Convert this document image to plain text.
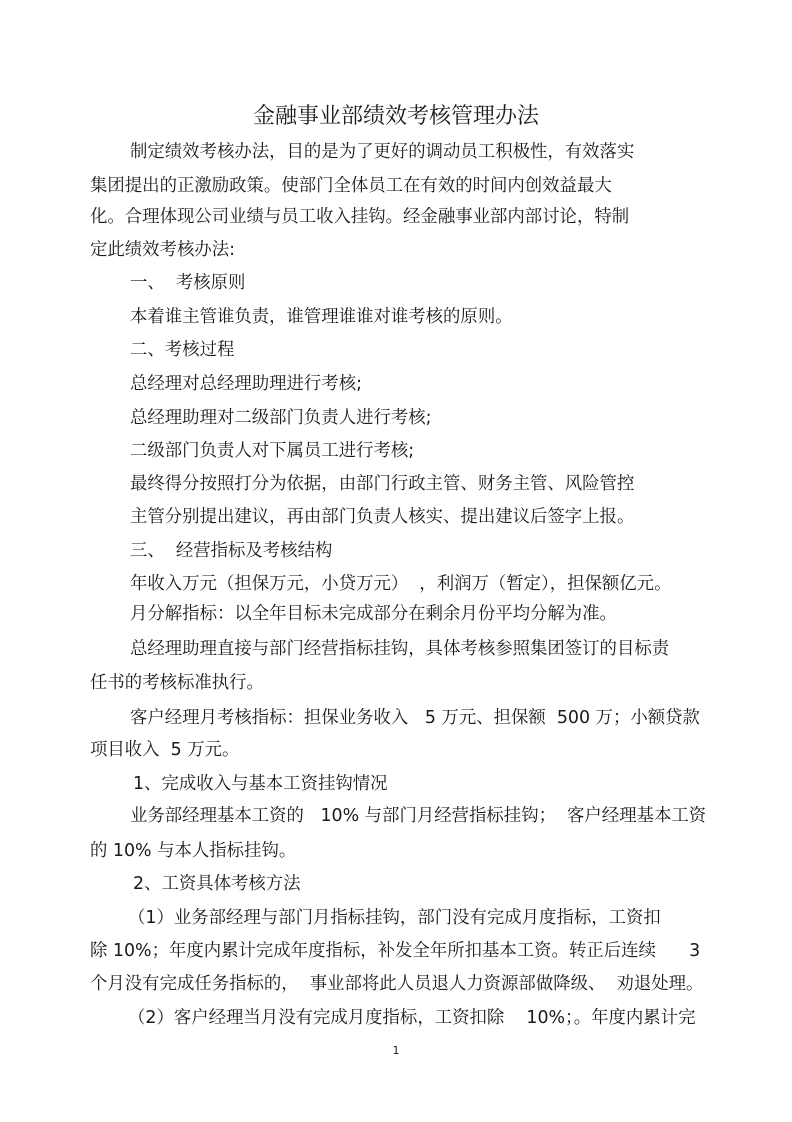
金融事业部绩效考核管理办法
制定绩效考核办法，目的是为了更好的调动员工积极性，有效落实
集团提出的正激励政策。使部门全体员工在有效的时间内创效益最大
化。合理体现公司业绩与员工收入挂钩。经金融事业部内部讨论，特制
定此绩效考核办法:
一、  考核原则
本着谁主管谁负责，谁管理谁谁对谁考核的原则。
二、考核过程
总经理对总经理助理进行考核;
总经理助理对二级部门负责人进行考核;
二级部门负责人对下属员工进行考核;
最终得分按照打分为依据，由部门行政主管、财务主管、风险管控
主管分别提出建议，再由部门负责人核实、提出建议后签字上报。
三、  经营指标及考核结构
年收入万元（担保万元，小贷万元）  ，利润万（暂定），担保额亿元。
月分解指标：以全年目标未完成部分在剩余月份平均分解为准。
总经理助理直接与部门经营指标挂钩，具体考核参照集团签订的目标责
任书的考核标准执行。
客户经理月考核指标：担保业务收入   5 万元、担保额  500 万；小额贷款
项目收入  5 万元。
1、完成收入与基本工资挂钩情况
业务部经理基本工资的   10% 与部门月经营指标挂钩；  客户经理基本工资
的 10% 与本人指标挂钩。
2、工资具体考核方法
（1）业务部经理与部门月指标挂钩，部门没有完成月度指标，工资扣
除 10%；年度内累计完成年度指标，补发全年所扣基本工资。转正后连续      3
个月没有完成任务指标的，  事业部将此人员退人力资源部做降级、  劝退处理。
（2）客户经理当月没有完成月度指标，工资扣除    10%；。年度内累计完
1
